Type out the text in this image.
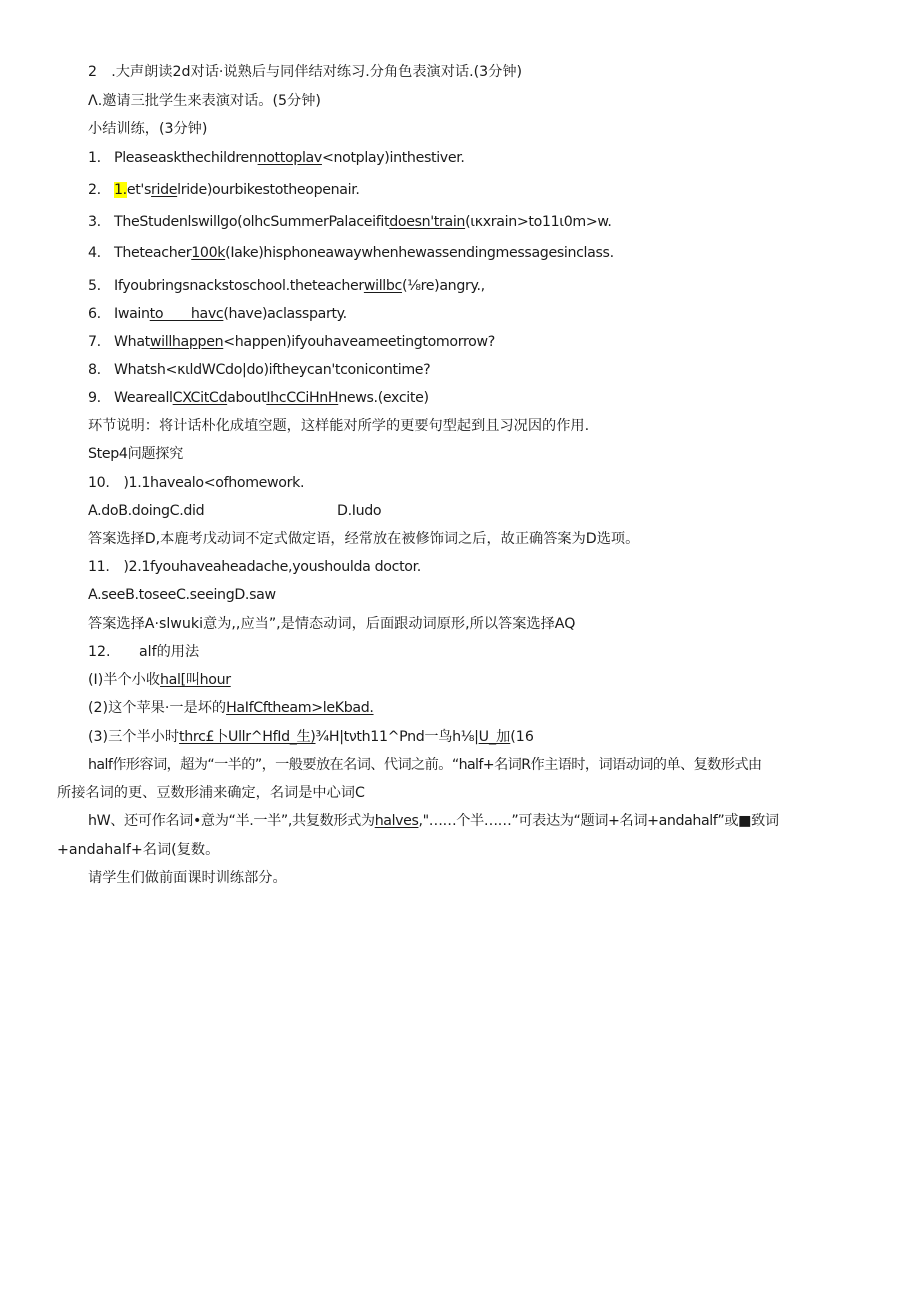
2　.大声朗读2d对话·说熟后与同伴结对练习.分角色表演对话.(3分钟)
Λ.邀请三批学生来表演对话。(5分钟)
小结训练，(3分钟)
1. Pleaseaskthechildrennottoplav<notplay)inthestiver.
2. 1.et'sridelride)ourbikestotheopenair.
3. TheStudenlswillgo(olhcSummerPalaceifitdoesn'train(ικxrain>to11ι0m>w.
4. Theteacher100k(Iake)hisphoneawaywhenhewassendingmessagesinclass.
5. Ifyoubringsnackstoschool.theteacherwillbc(⅛re)angry.,
6. Iwainto　　havc(have)aclassparty.
7. Whatwillhappen<happen)ifyouhaveameetingtomorrow?
8. Whatsh<κιldWCdo|do)iftheycan'tconicontime?
9. WeareallCXCitCdaboutIhcCCiHnHnews.(excite)
环节说明：将计话朴化成埴空题，这样能对所学的更要句型起到且习况因的作用.
Step4问题探究
10.　)1.1havealo<ofhomework.
A.doB.doingC.did	D.Iudo
答案选择D,本鹿考戊动词不定式做定语，经常放在被修饰词之后，故正确答案为D选项。
11.　)2.1fyouhaveaheadache,youshoulda doctor.
A.seeB.toseeC.seeingD.saw
答案选择A·slwuki意为,,应当”,是情态动词，后面跟动词原形,所以答案选择AQ
12.　　alf的用法
(I)半个小收hal[叫hour
(2)这个苹果·一是坏的HaIfCftheam>leKbad.
(3)三个半小时thrc£卜Ullr^HfId_生)¾H|tνth11^Pnd一鸟h⅛|U_加(16
half作形容词，超为“一半的”，一般要放在名词、代词之前。“half+名词R作主语时，词语动词的单、复数形式由
所接名词的更、豆数形浦来确定，名词是中心词C
hW、还可作名词•意为“半.一半”,共复数形式为halves,"……个半……”可表达为“题词+名词+andahalf”或■致词
+andahalf+名词(复数。
请学生们做前面课时训练部分。
